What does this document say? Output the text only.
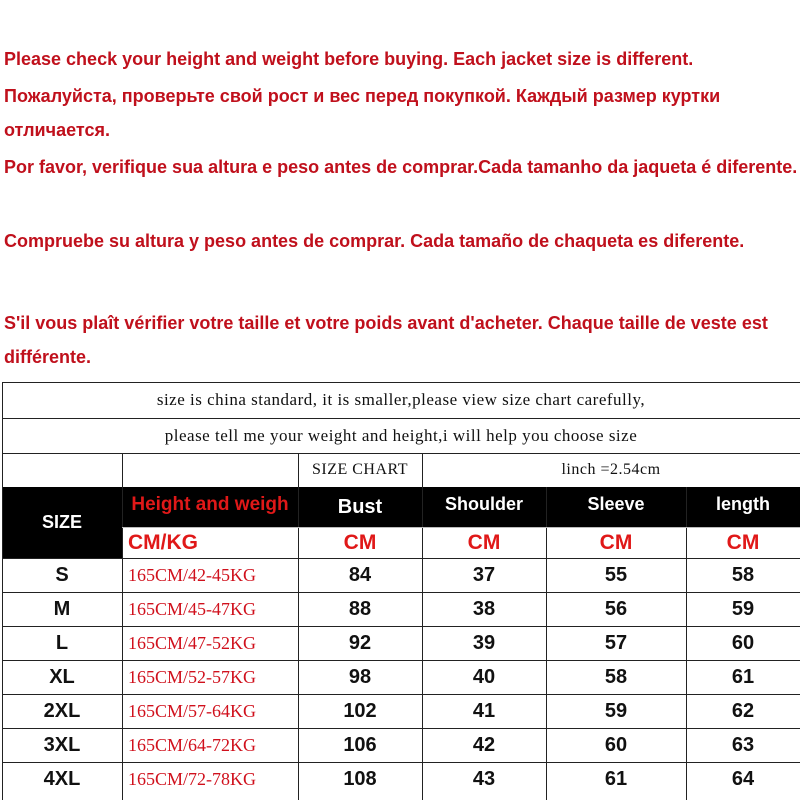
Please check your height and weight before buying. Each jacket size is different.

Пожалуйста, проверьте свой рост и вес перед покупкой. Каждый размер куртки отличается.

Por favor, verifique sua altura e peso antes de comprar.Cada tamanho da jaqueta é diferente.

Compruebe su altura y peso antes de comprar. Cada tamaño de chaqueta es diferente.

S'il vous plaît vérifier votre taille et votre poids avant d'acheter. Chaque taille de veste est différente.

size is china standard, it is smaller,please view size chart carefully,
please tell me your weight and height,i will help you choose size
SIZE CHART	linch =2.54cm
SIZE
Height and weigh	Bust	Shoulder	Sleeve	length
CM/KG	CM	CM	CM	CM
S	165CM/42-45KG	84	37	55	58
M	165CM/45-47KG	88	38	56	59
L	165CM/47-52KG	92	39	57	60
XL	165CM/52-57KG	98	40	58	61
2XL	165CM/57-64KG	102	41	59	62
3XL	165CM/64-72KG	106	42	60	63
4XL	165CM/72-78KG	108	43	61	64
